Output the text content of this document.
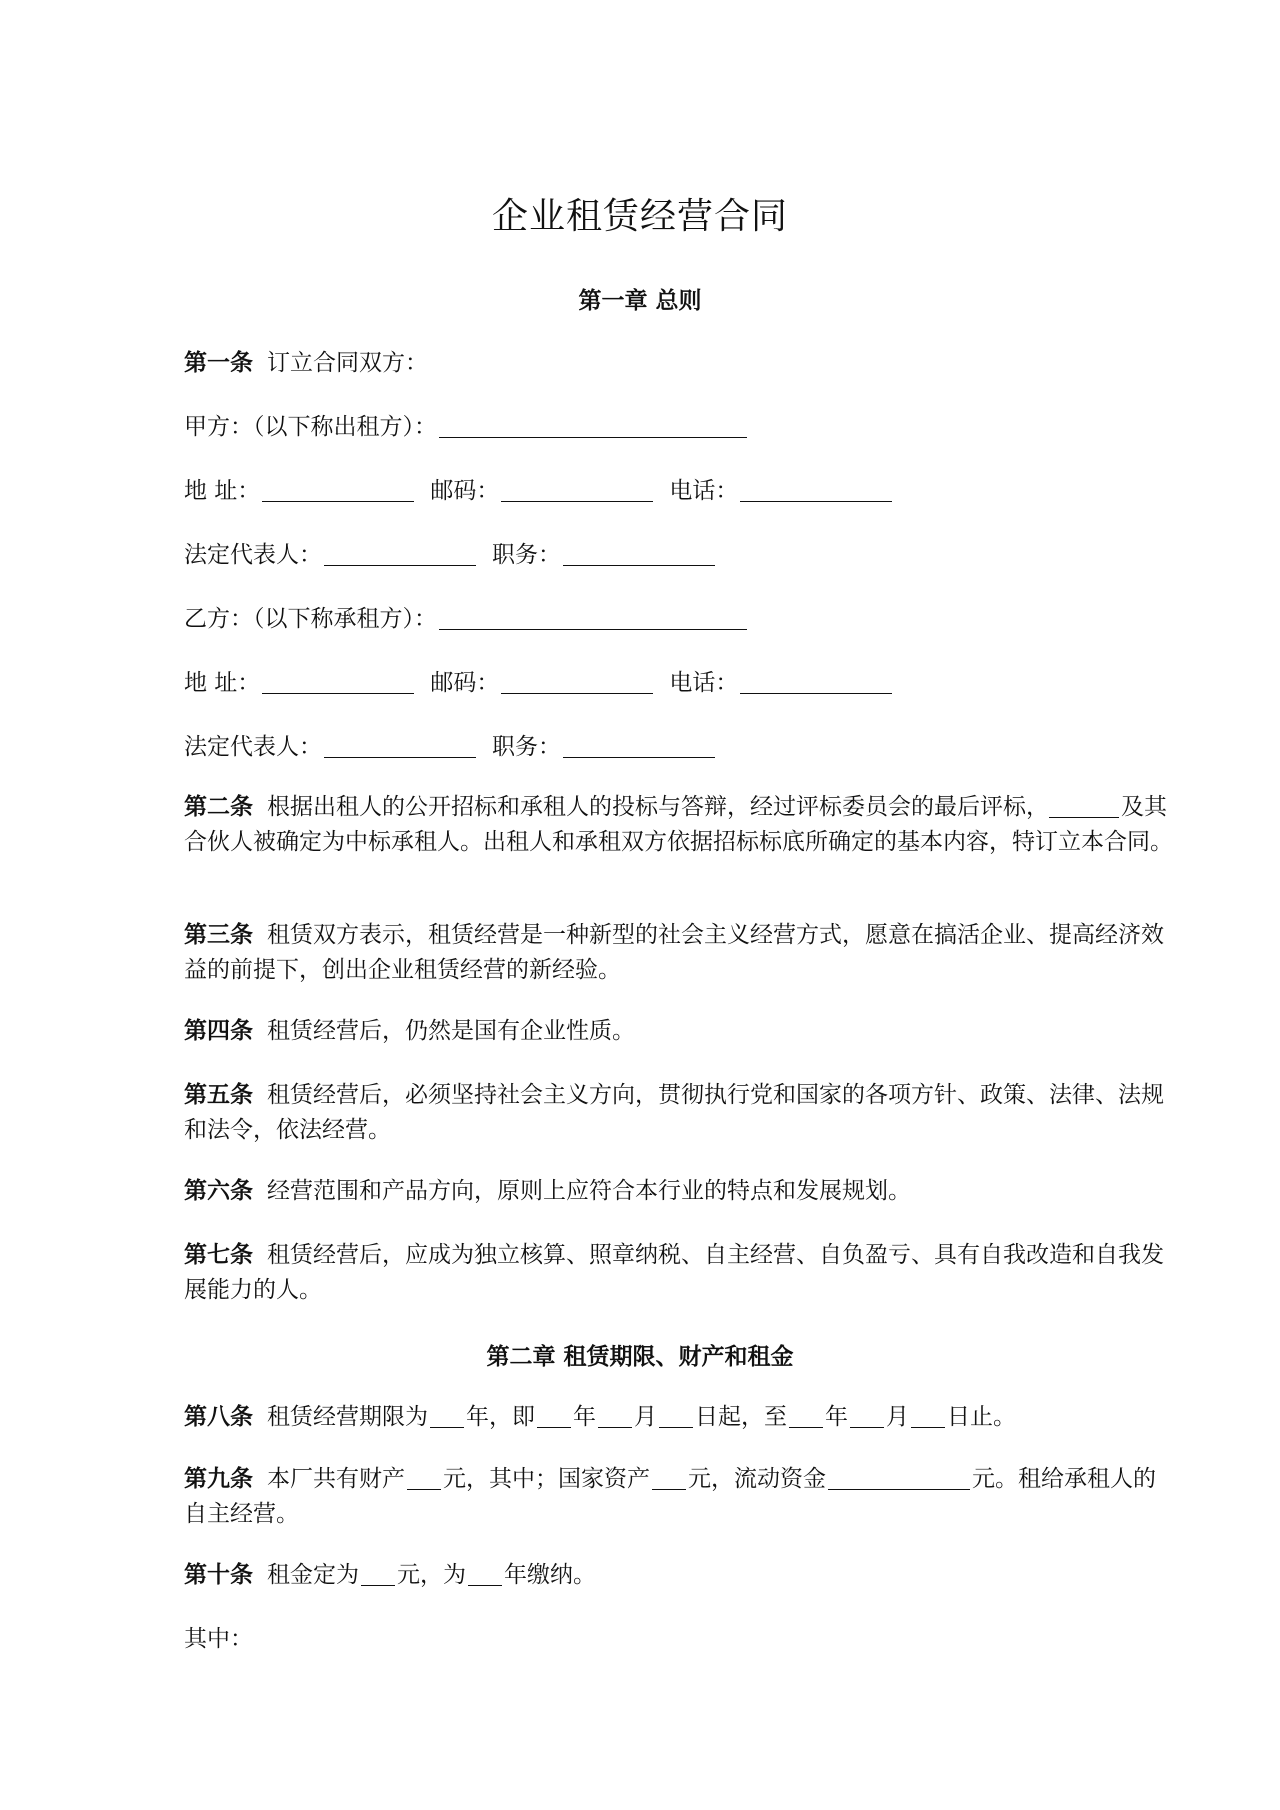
企业租赁经营合同
第一章 总则
第一条 订立合同双方：
甲方：（以下称出租方）：
地 址：	邮码：	电话：
法定代表人：	职务：
乙方：（以下称承租方）：
地 址：	邮码：	电话：
法定代表人：	职务：
第二条 根据出租人的公开招标和承租人的投标与答辩，经过评标委员会的最后评标，	及其合伙人被确定为中标承租人。出租人和承租双方依据招标标底所确定的基本内容，特订立本合同。
第三条 租赁双方表示，租赁经营是一种新型的社会主义经营方式，愿意在搞活企业、提高经济效益的前提下，创出企业租赁经营的新经验。
第四条 租赁经营后，仍然是国有企业性质。
第五条 租赁经营后，必须坚持社会主义方向，贯彻执行党和国家的各项方针、政策、法律、法规和法令，依法经营。
第六条 经营范围和产品方向，原则上应符合本行业的特点和发展规划。
第七条 租赁经营后，应成为独立核算、照章纳税、自主经营、自负盈亏、具有自我改造和自我发展能力的人。
第二章 租赁期限、财产和租金
第八条 租赁经营期限为 年，即 年 月 日起，至 年 月 日止。
第九条 本厂共有财产 元，其中；国家资产 元，流动资金	元。租给承租人的自主经营。
第十条 租金定为 元，为 年缴纳。
其中：
